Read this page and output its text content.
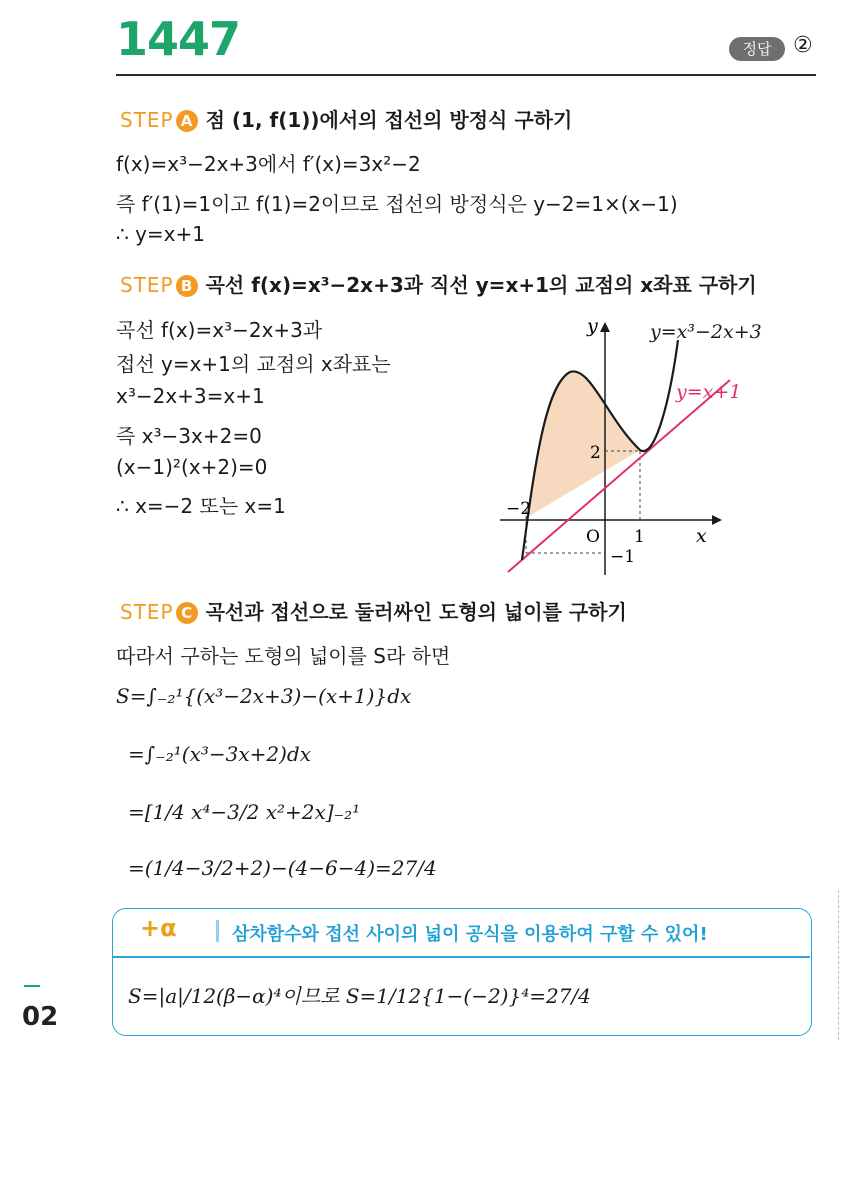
1447	정답 ②
STEP A 점 (1, f(1))에서의 접선의 방정식 구하기
f(x)=x³−2x+3에서 f′(x)=3x²−2
즉 f′(1)=1이고 f(1)=2이므로 접선의 방정식은 y−2=1×(x−1)
∴ y=x+1
STEP B 곡선 f(x)=x³−2x+3과 직선 y=x+1의 교점의 x좌표 구하기
곡선 f(x)=x³−2x+3과
접선 y=x+1의 교점의 x좌표는
x³−2x+3=x+1
즉 x³−3x+2=0
(x−1)²(x+2)=0
∴ x=−2 또는 x=1
y	y=x³−2x+3
y=x+1
2
−2
O 1	x
−1
STEP C 곡선과 접선으로 둘러싸인 도형의 넓이를 구하기
따라서 구하는 도형의 넓이를 S라 하면
S=∫₋₂¹{(x³−2x+3)−(x+1)}dx
=∫₋₂¹(x³−3x+2)dx
=[1/4 x⁴−3/2 x²+2x]₋₂¹
=(1/4−3/2+2)−(4−6−4)=27/4
+α	삼차함수와 접선 사이의 넓이 공식을 이용하여 구할 수 있어!
S=|a|/12(β−α)⁴이므로 S=1/12{1−(−2)}⁴=27/4
02
